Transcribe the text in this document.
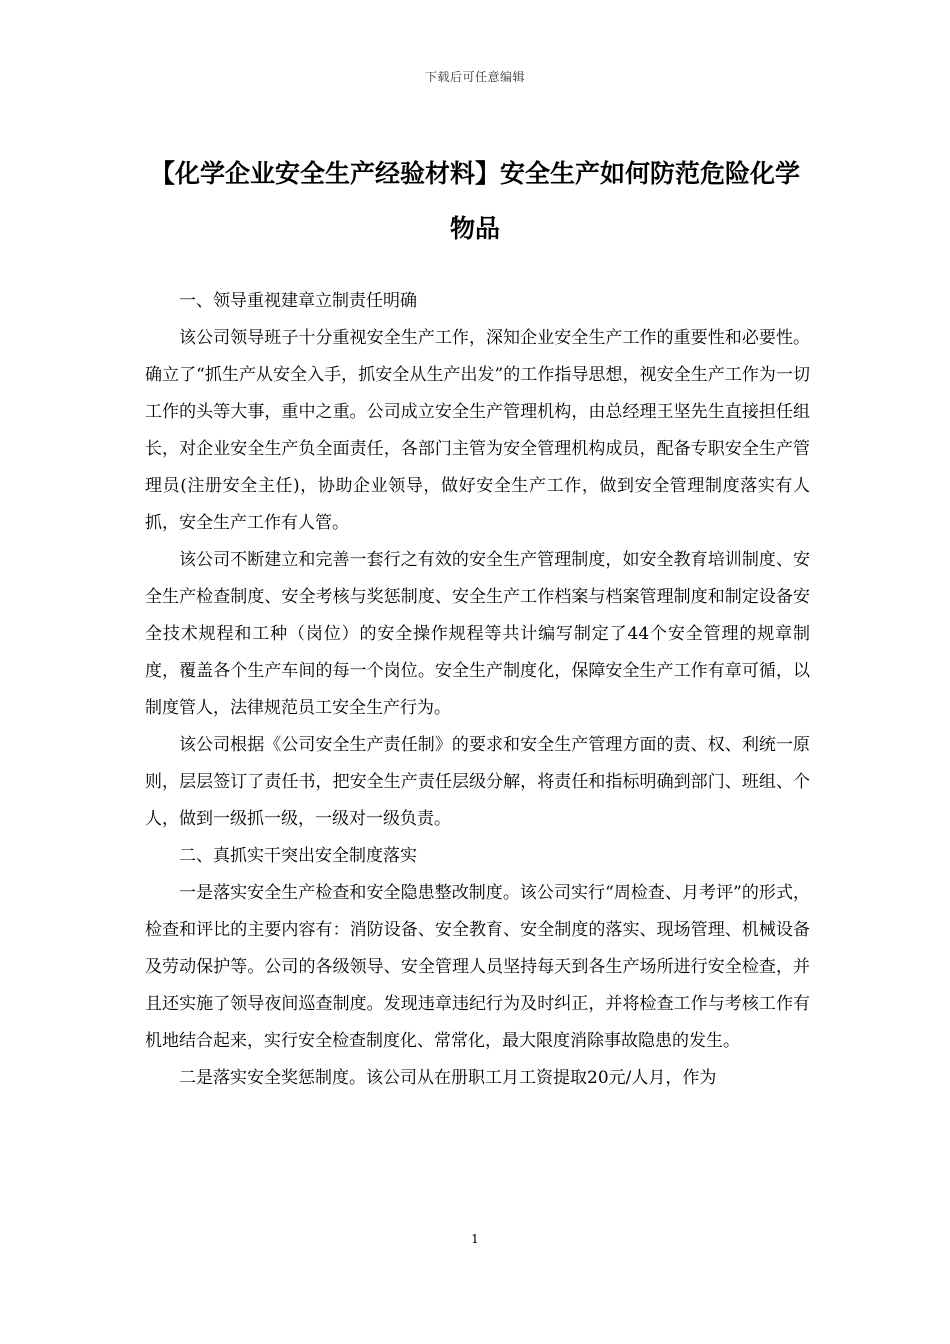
下载后可任意编辑
【化学企业安全生产经验材料】安全生产如何防范危险化学物品

一、领导重视建章立制责任明确

该公司领导班子十分重视安全生产工作，深知企业安全生产工作的重要性和必要性。确立了“抓生产从安全入手，抓安全从生产出发”的工作指导思想，视安全生产工作为一切工作的头等大事，重中之重。公司成立安全生产管理机构，由总经理王坚先生直接担任组长，对企业安全生产负全面责任，各部门主管为安全管理机构成员，配备专职安全生产管理员(注册安全主任)，协助企业领导，做好安全生产工作，做到安全管理制度落实有人抓，安全生产工作有人管。

该公司不断建立和完善一套行之有效的安全生产管理制度，如安全教育培训制度、安全生产检查制度、安全考核与奖惩制度、安全生产工作档案与档案管理制度和制定设备安全技术规程和工种（岗位）的安全操作规程等共计编写制定了44个安全管理的规章制度，覆盖各个生产车间的每一个岗位。安全生产制度化，保障安全生产工作有章可循，以制度管人，法律规范员工安全生产行为。

该公司根据《公司安全生产责任制》的要求和安全生产管理方面的责、权、利统一原则，层层签订了责任书，把安全生产责任层级分解，将责任和指标明确到部门、班组、个人，做到一级抓一级，一级对一级负责。

二、真抓实干突出安全制度落实

一是落实安全生产检查和安全隐患整改制度。该公司实行“周检查、月考评”的形式，检查和评比的主要内容有：消防设备、安全教育、安全制度的落实、现场管理、机械设备及劳动保护等。公司的各级领导、安全管理人员坚持每天到各生产场所进行安全检查，并且还实施了领导夜间巡查制度。发现违章违纪行为及时纠正，并将检查工作与考核工作有机地结合起来，实行安全检查制度化、常常化，最大限度消除事故隐患的发生。

二是落实安全奖惩制度。该公司从在册职工月工资提取20元/人月，作为

1
